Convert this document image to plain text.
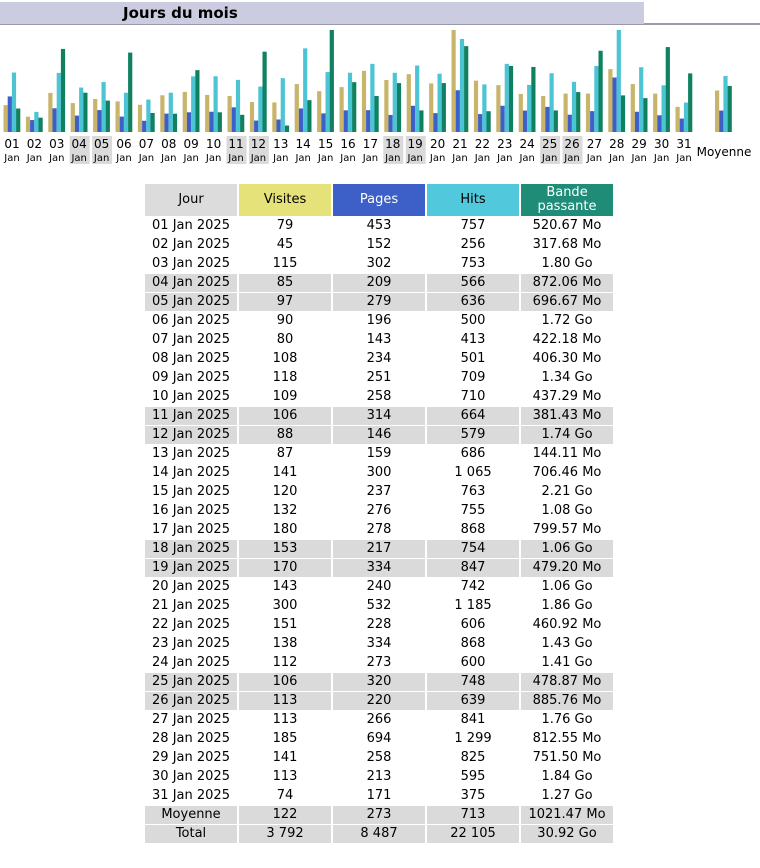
Jours du mois
01
Jan
02
Jan
03
Jan
04
Jan
05
Jan
06
Jan
07
Jan
08
Jan
09
Jan
10
Jan
11
Jan
12
Jan
13
Jan
14
Jan
15
Jan
16
Jan
17
Jan
18
Jan
19
Jan
20
Jan
21
Jan
22
Jan
23
Jan
24
Jan
25
Jan
26
Jan
27
Jan
28
Jan
29
Jan
30
Jan
31
Jan Moyenne
Jour	Visites	Pages	Hits	Bande passante
01 Jan 2025	79	453	757	520.67 Mo
02 Jan 2025	45	152	256	317.68 Mo
03 Jan 2025	115	302	753	1.80 Go
04 Jan 2025	85	209	566	872.06 Mo
05 Jan 2025	97	279	636	696.67 Mo
06 Jan 2025	90	196	500	1.72 Go
07 Jan 2025	80	143	413	422.18 Mo
08 Jan 2025	108	234	501	406.30 Mo
09 Jan 2025	118	251	709	1.34 Go
10 Jan 2025	109	258	710	437.29 Mo
11 Jan 2025	106	314	664	381.43 Mo
12 Jan 2025	88	146	579	1.74 Go
13 Jan 2025	87	159	686	144.11 Mo
14 Jan 2025	141	300	1 065	706.46 Mo
15 Jan 2025	120	237	763	2.21 Go
16 Jan 2025	132	276	755	1.08 Go
17 Jan 2025	180	278	868	799.57 Mo
18 Jan 2025	153	217	754	1.06 Go
19 Jan 2025	170	334	847	479.20 Mo
20 Jan 2025	143	240	742	1.06 Go
21 Jan 2025	300	532	1 185	1.86 Go
22 Jan 2025	151	228	606	460.92 Mo
23 Jan 2025	138	334	868	1.43 Go
24 Jan 2025	112	273	600	1.41 Go
25 Jan 2025	106	320	748	478.87 Mo
26 Jan 2025	113	220	639	885.76 Mo
27 Jan 2025	113	266	841	1.76 Go
28 Jan 2025	185	694	1 299	812.55 Mo
29 Jan 2025	141	258	825	751.50 Mo
30 Jan 2025	113	213	595	1.84 Go
31 Jan 2025	74	171	375	1.27 Go
Moyenne	122	273	713	1021.47 Mo
Total	3 792	8 487	22 105	30.92 Go
